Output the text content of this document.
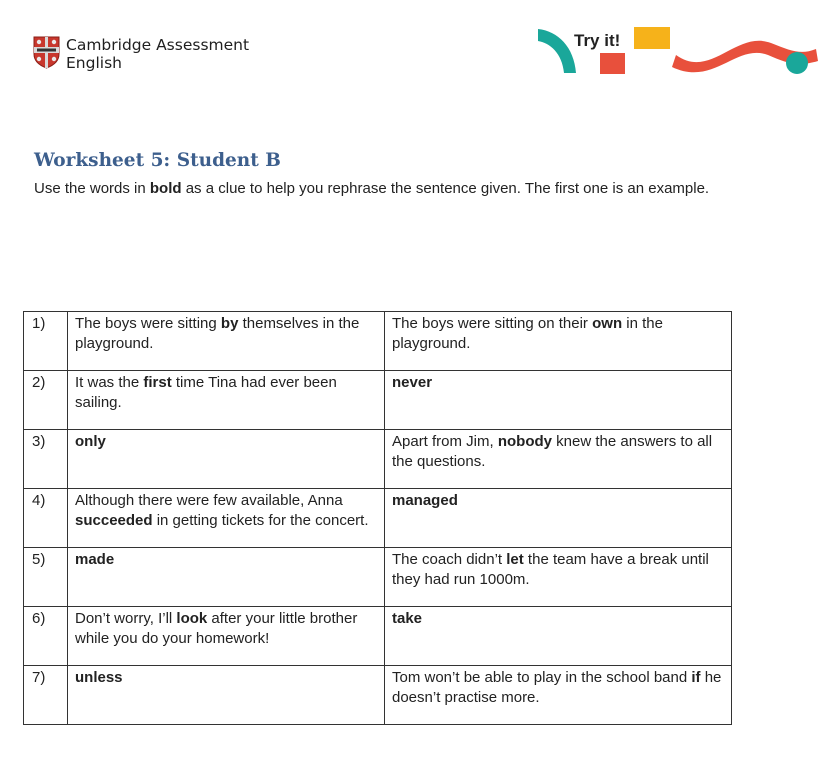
Cambridge Assessment
English
Try it!
Worksheet 5: Student B

Use the words in bold as a clue to help you rephrase the sentence given. The first one is an example.

1)	The boys were sitting by themselves in the playground.	The boys were sitting on their own in the playground.
2)	It was the first time Tina had ever been sailing.	never
3)	only	Apart from Jim, nobody knew the answers to all the questions.
4)	Although there were few available, Anna succeeded in getting tickets for the concert.	managed
5)	made	The coach didn’t let the team have a break until they had run 1000m.
6)	Don’t worry, I’ll look after your little brother while you do your homework!	take
7)	unless	Tom won’t be able to play in the school band if he doesn’t practise more.
